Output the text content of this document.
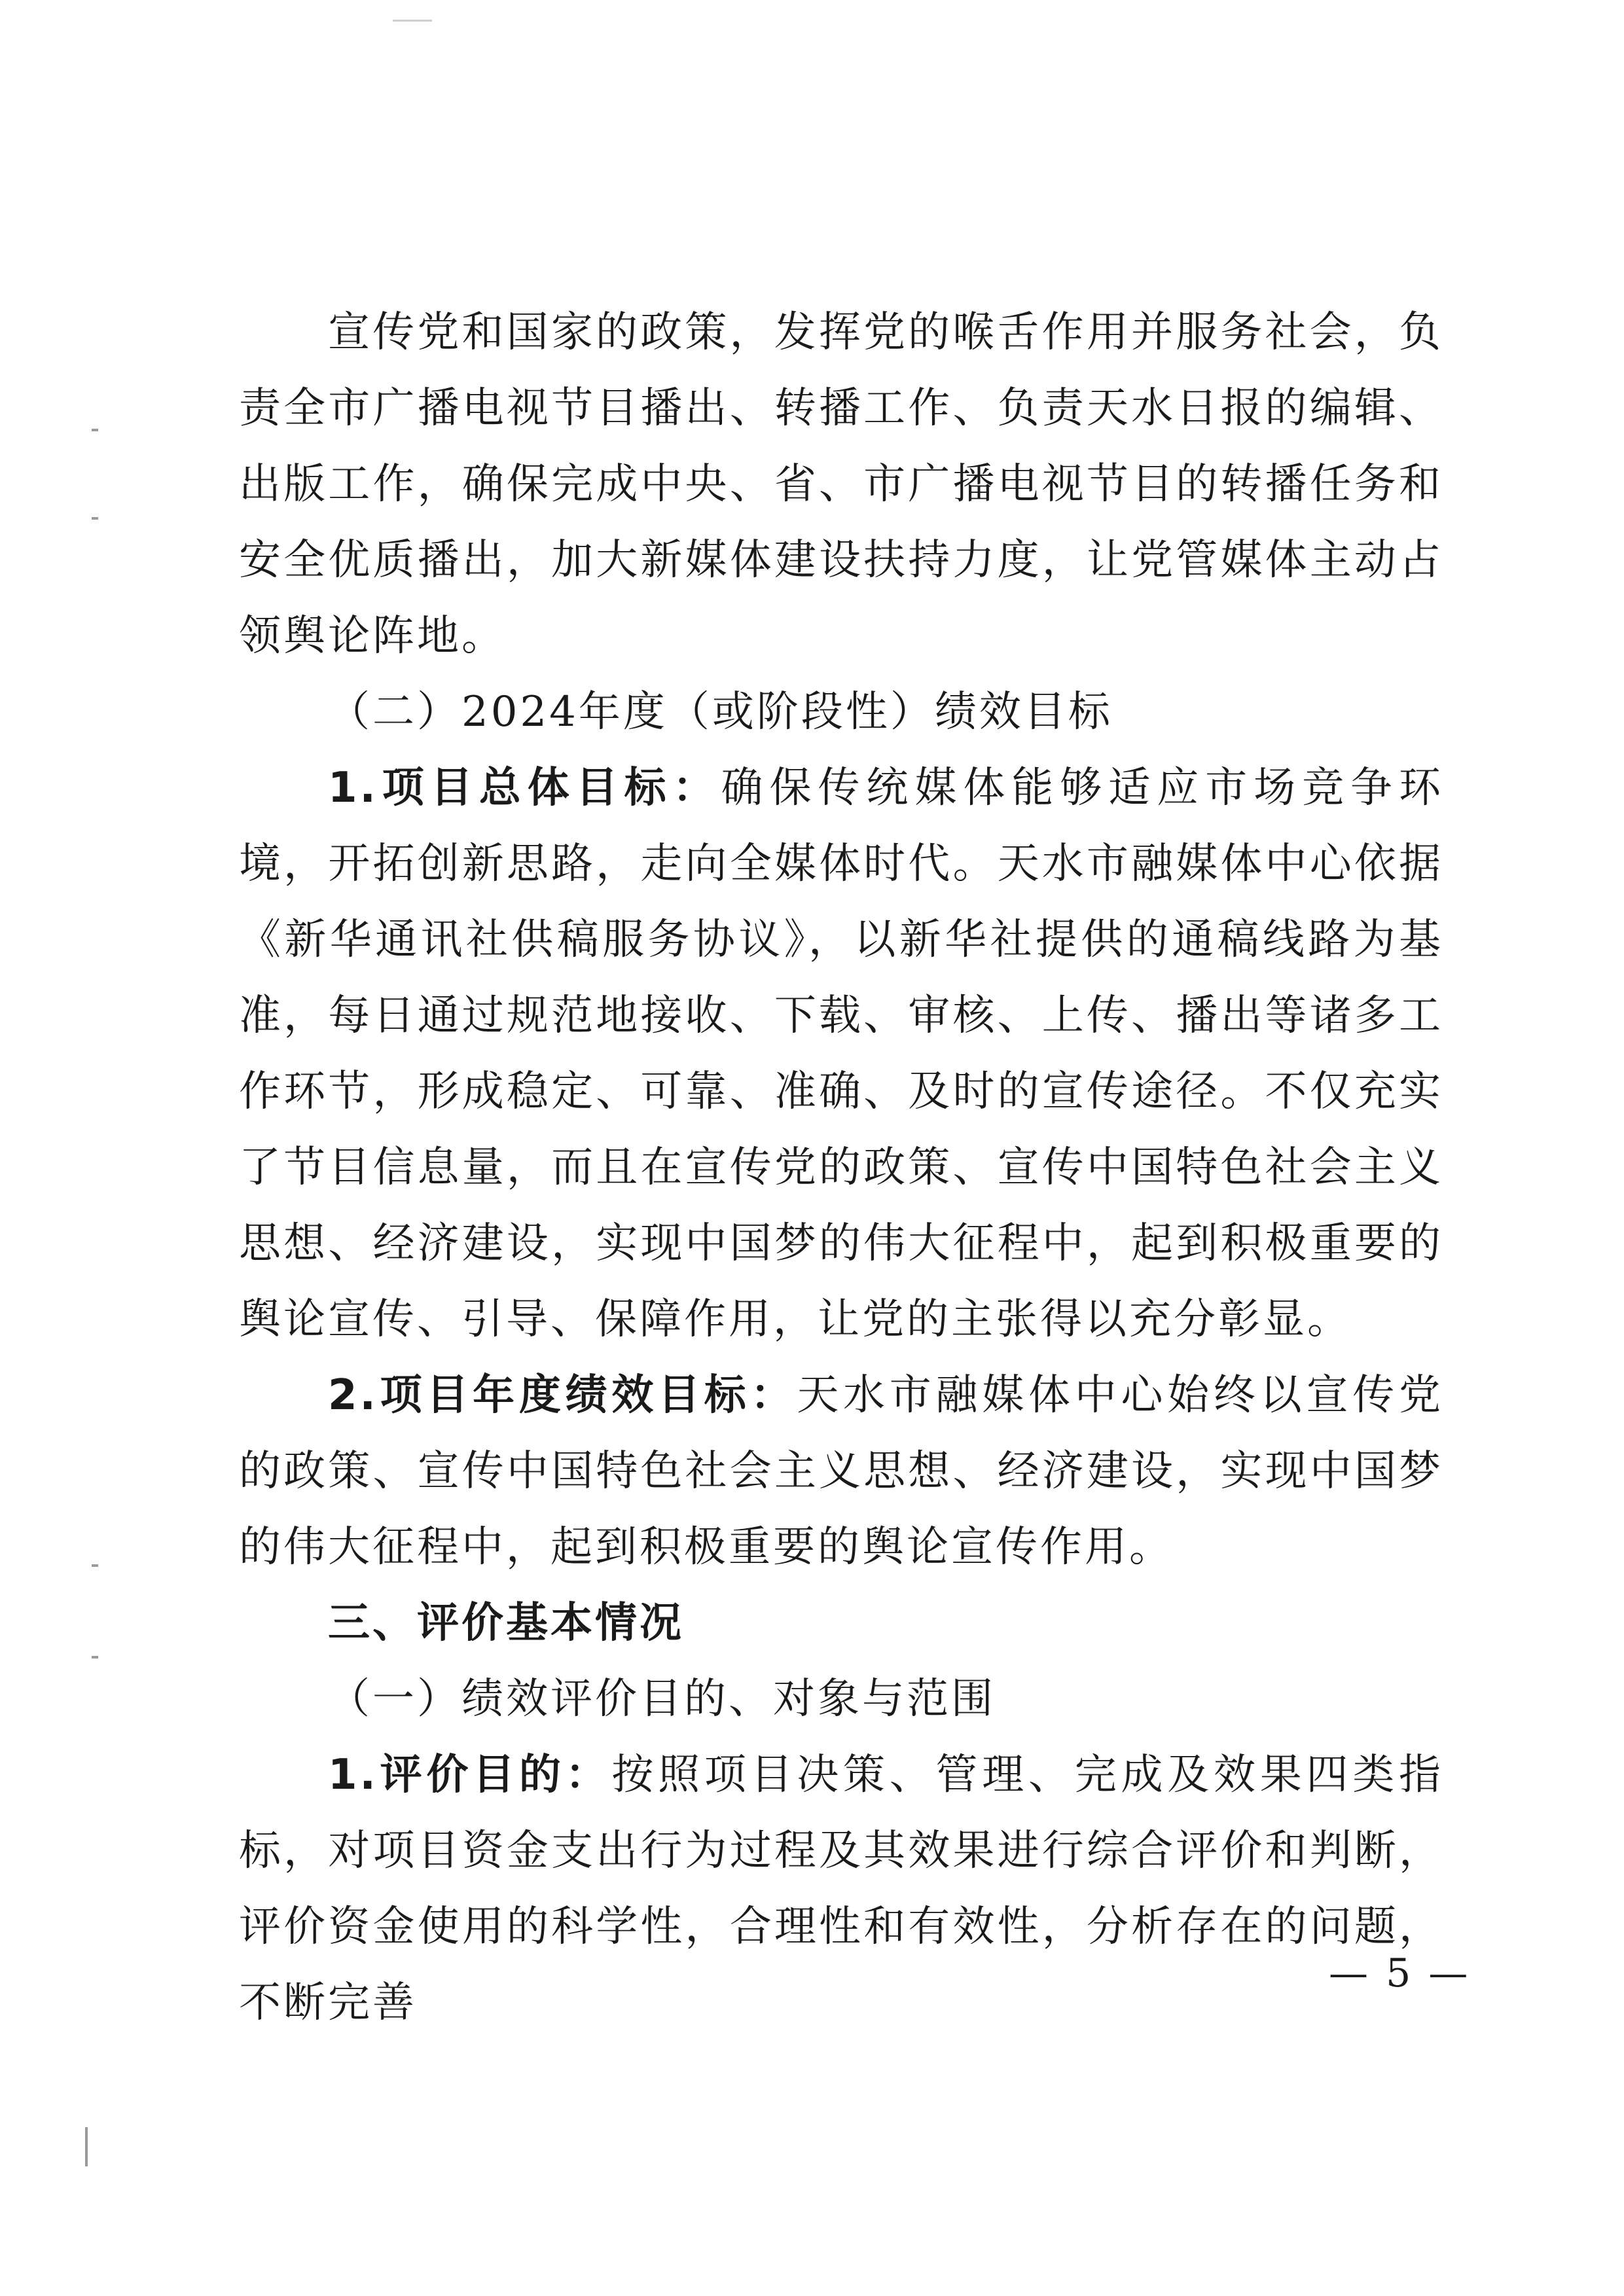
宣传党和国家的政策，发挥党的喉舌作用并服务社会，负责全市广播电视节目播出、转播工作、负责天水日报的编辑、出版工作，确保完成中央、省、市广播电视节目的转播任务和安全优质播出，加大新媒体建设扶持力度，让党管媒体主动占领舆论阵地。

（二）2024年度（或阶段性）绩效目标

1.项目总体目标：确保传统媒体能够适应市场竞争环境，开拓创新思路，走向全媒体时代。天水市融媒体中心依据《新华通讯社供稿服务协议》，以新华社提供的通稿线路为基准，每日通过规范地接收、下载、审核、上传、播出等诸多工作环节，形成稳定、可靠、准确、及时的宣传途径。不仅充实了节目信息量，而且在宣传党的政策、宣传中国特色社会主义思想、经济建设，实现中国梦的伟大征程中，起到积极重要的舆论宣传、引导、保障作用，让党的主张得以充分彰显。

2.项目年度绩效目标：天水市融媒体中心始终以宣传党的政策、宣传中国特色社会主义思想、经济建设，实现中国梦的伟大征程中，起到积极重要的舆论宣传作用。

三、评价基本情况

（一）绩效评价目的、对象与范围

1.评价目的：按照项目决策、管理、完成及效果四类指标，对项目资金支出行为过程及其效果进行综合评价和判断，评价资金使用的科学性，合理性和有效性，分析存在的问题，不断完善

— 5 —
